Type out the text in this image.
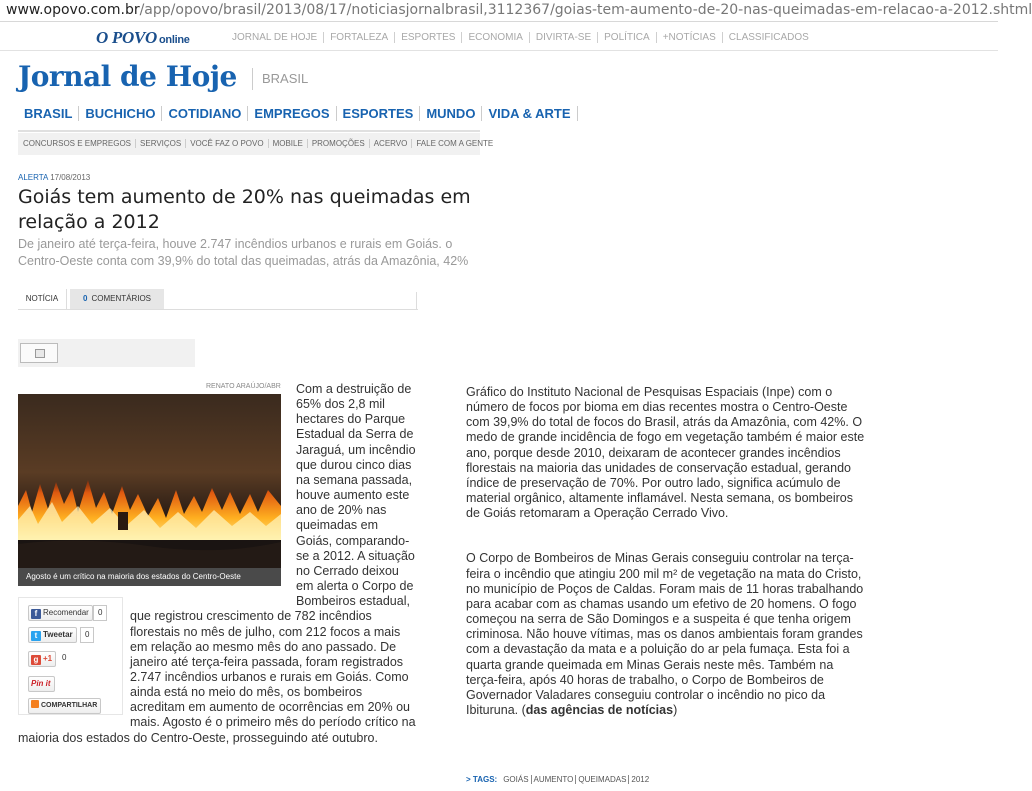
www.opovo.com.br/app/opovo/brasil/2013/08/17/noticiasjornalbrasil,3112367/goias-tem-aumento-de-20-nas-queimadas-em-relacao-a-2012.shtml
O POVO online	JORNAL DE HOJE FORTALEZA ESPORTES ECONOMIA DIVIRTA-SE POLÍTICA +NOTÍCIAS CLASSIFICADOS
Jornal de Hoje	BRASIL
BRASIL BUCHICHO COTIDIANO EMPREGOS ESPORTES MUNDO VIDA & ARTE
CONCURSOS E EMPREGOS SERVIÇOS VOCÊ FAZ O POVO MOBILE PROMOÇÕES ACERVO FALE COM A GENTE
ALERTA 17/08/2013
Goiás tem aumento de 20% nas queimadas em relação a 2012
De janeiro até terça-feira, houve 2.747 incêndios urbanos e rurais em Goiás. o Centro-Oeste conta com 39,9% do total das queimadas, atrás da Amazônia, 42%
NOTÍCIA	0 COMENTÁRIOS
RENATO ARAÚJO/ABR
Agosto é um crítico na maioria dos estados do Centro-Oeste
f Recomendar	0
t Tweetar	0
g +1	0
Pin it
COMPARTILHAR
Com a destruição de 65% dos 2,8 mil hectares do Parque Estadual da Serra de Jaraguá, um incêndio que durou cinco dias na semana passada, houve aumento este ano de 20% nas queimadas em Goiás, comparando-se a 2012. A situação no Cerrado deixou em alerta o Corpo de Bombeiros estadual, que registrou crescimento de 782 incêndios florestais no mês de julho, com 212 focos a mais em relação ao mesmo mês do ano passado. De janeiro até terça-feira passada, foram registrados 2.747 incêndios urbanos e rurais em Goiás. Como ainda está no meio do mês, os bombeiros acreditam em aumento de ocorrências em 20% ou mais. Agosto é o primeiro mês do período crítico na maioria dos estados do Centro-Oeste, prosseguindo até outubro.

Gráfico do Instituto Nacional de Pesquisas Espaciais (Inpe) com o número de focos por bioma em dias recentes mostra o Centro-Oeste com 39,9% do total de focos do Brasil, atrás da Amazônia, com 42%. O medo de grande incidência de fogo em vegetação também é maior este ano, porque desde 2010, deixaram de acontecer grandes incêndios florestais na maioria das unidades de conservação estadual, gerando índice de preservação de 70%. Por outro lado, significa acúmulo de material orgânico, altamente inflamável. Nesta semana, os bombeiros de Goiás retomaram a Operação Cerrado Vivo.

O Corpo de Bombeiros de Minas Gerais conseguiu controlar na terça-feira o incêndio que atingiu 200 mil m² de vegetação na mata do Cristo, no município de Poços de Caldas. Foram mais de 11 horas trabalhando para acabar com as chamas usando um efetivo de 20 homens. O fogo começou na serra de São Domingos e a suspeita é que tenha origem criminosa. Não houve vítimas, mas os danos ambientais foram grandes com a devastação da mata e a poluição do ar pela fumaça. Esta foi a quarta grande queimada em Minas Gerais neste mês. Também na terça-feira, após 40 horas de trabalho, o Corpo de Bombeiros de Governador Valadares conseguiu controlar o incêndio no pico da Ibituruna. (das agências de notícias)

> TAGS: GOIÁS AUMENTO QUEIMADAS 2012
